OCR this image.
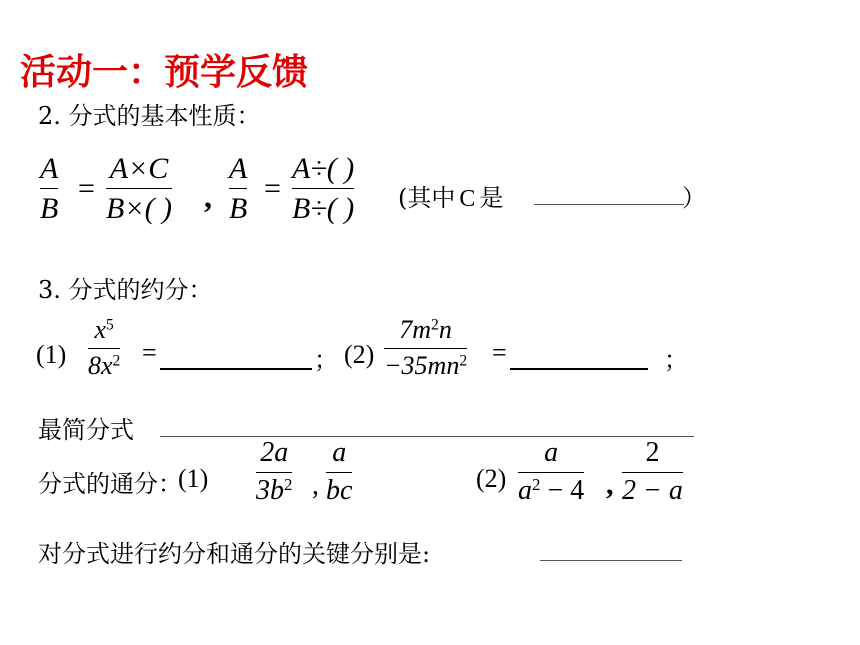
活动一：预学反馈
2. 分式的基本性质：
A
B
=
A×C
B×( ) ,
A
B
=
A÷( )
B÷( ) (其中 C 是	）
3. 分式的约分：
(1)
$x^5$
$8x^2$ =	； (2)
$7m^2n$
$-35mn^2$ =	；
最简分式
分式的通分：
(1)
2a
$3b^2$ ,
a
bc	(2)
a
$a^2 - 4$ ,
2
2 − a
对分式进行约分和通分的关键分别是:
